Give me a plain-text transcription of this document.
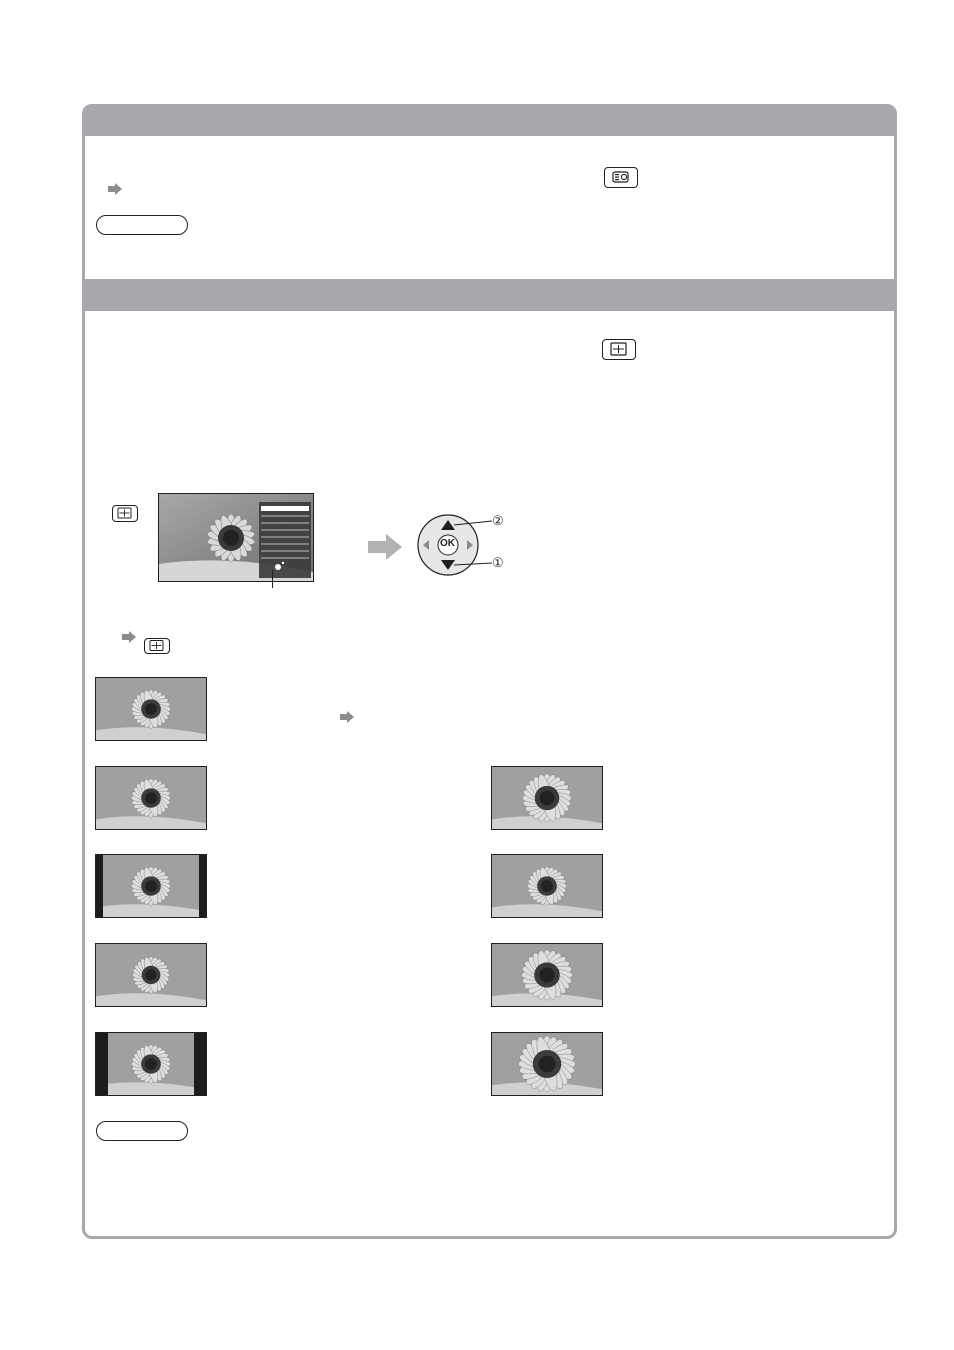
OK
②
①
